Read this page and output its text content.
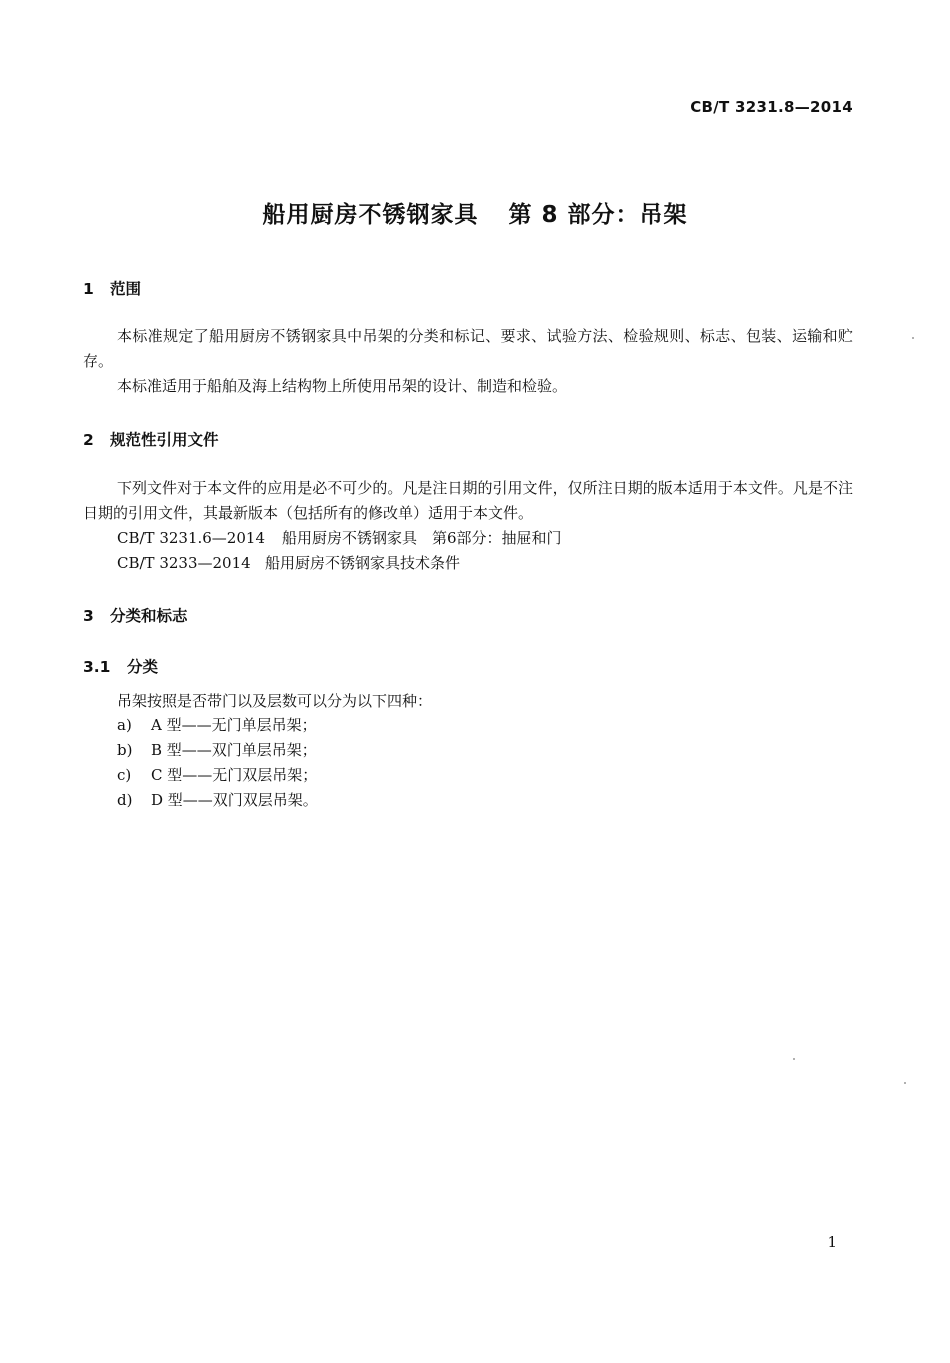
CB/T 3231.8—2014
船用厨房不锈钢家具 第 8 部分：吊架
1 范围
本标准规定了船用厨房不锈钢家具中吊架的分类和标记、要求、试验方法、检验规则、标志、包装、运输和贮存。
本标准适用于船舶及海上结构物上所使用吊架的设计、制造和检验。
2 规范性引用文件
下列文件对于本文件的应用是必不可少的。凡是注日期的引用文件，仅所注日期的版本适用于本文件。凡是不注日期的引用文件，其最新版本（包括所有的修改单）适用于本文件。
CB/T 3231.6—2014 船用厨房不锈钢家具　第6部分：抽屉和门
CB/T 3233—2014 船用厨房不锈钢家具技术条件
3 分类和标志
3.1 分类
吊架按照是否带门以及层数可以分为以下四种：
a) A 型——无门单层吊架；
b) B 型——双门单层吊架；
c) C 型——无门双层吊架；
d) D 型——双门双层吊架。
1
